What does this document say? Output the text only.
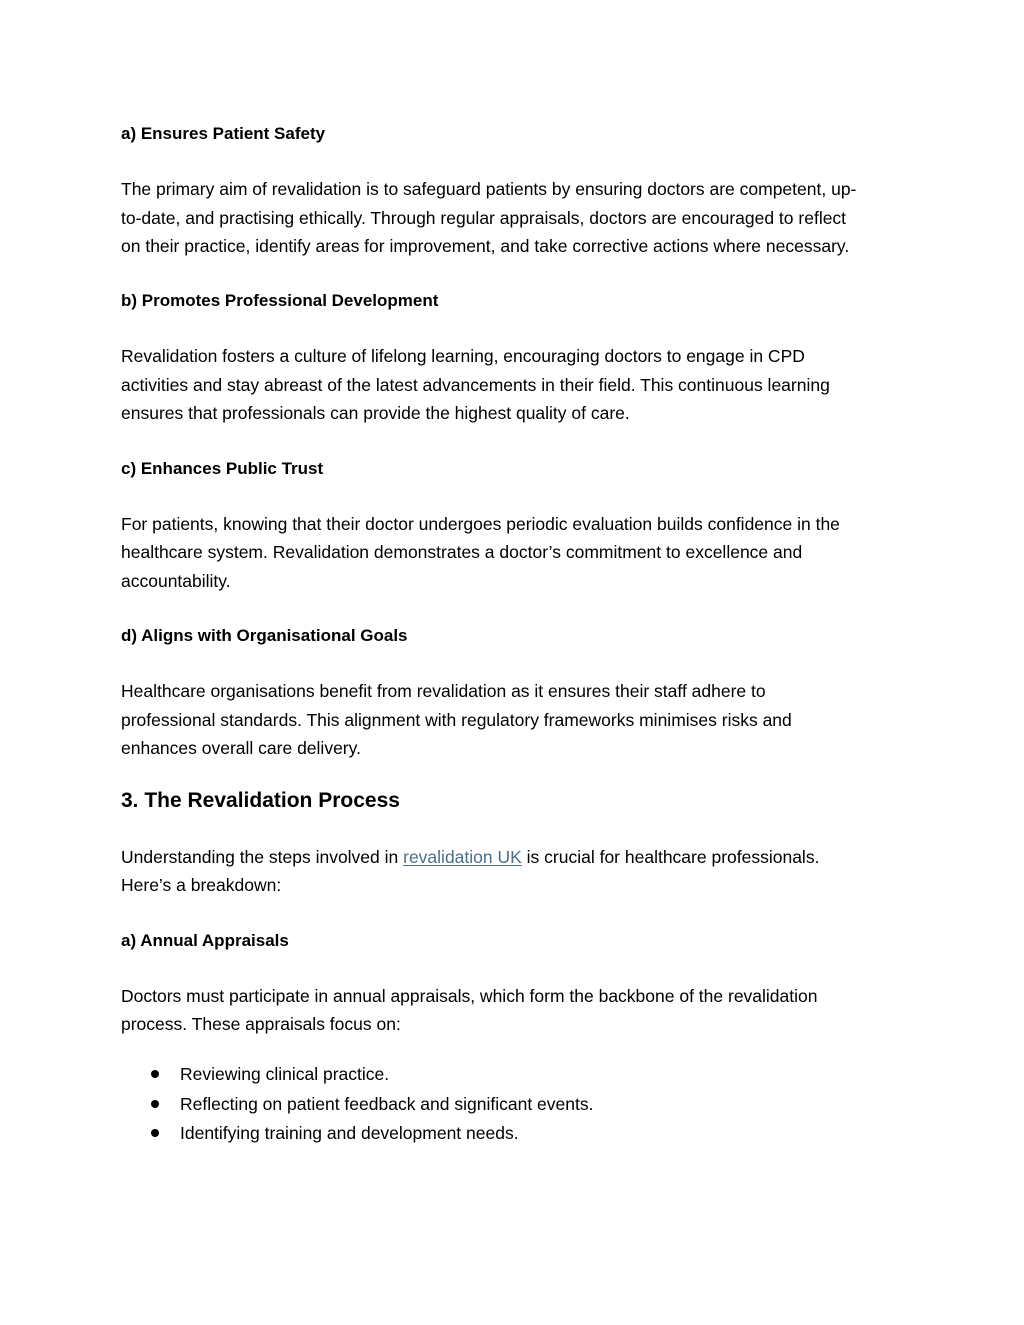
a) Ensures Patient Safety
The primary aim of revalidation is to safeguard patients by ensuring doctors are competent, up-
to-date, and practising ethically. Through regular appraisals, doctors are encouraged to reflect
on their practice, identify areas for improvement, and take corrective actions where necessary.
b) Promotes Professional Development
Revalidation fosters a culture of lifelong learning, encouraging doctors to engage in CPD
activities and stay abreast of the latest advancements in their field. This continuous learning
ensures that professionals can provide the highest quality of care.
c) Enhances Public Trust
For patients, knowing that their doctor undergoes periodic evaluation builds confidence in the
healthcare system. Revalidation demonstrates a doctor’s commitment to excellence and
accountability.
d) Aligns with Organisational Goals
Healthcare organisations benefit from revalidation as it ensures their staff adhere to
professional standards. This alignment with regulatory frameworks minimises risks and
enhances overall care delivery.
3. The Revalidation Process
Understanding the steps involved in revalidation UK is crucial for healthcare professionals.
Here’s a breakdown:
a) Annual Appraisals
Doctors must participate in annual appraisals, which form the backbone of the revalidation
process. These appraisals focus on:
Reviewing clinical practice.
Reflecting on patient feedback and significant events.
Identifying training and development needs.
